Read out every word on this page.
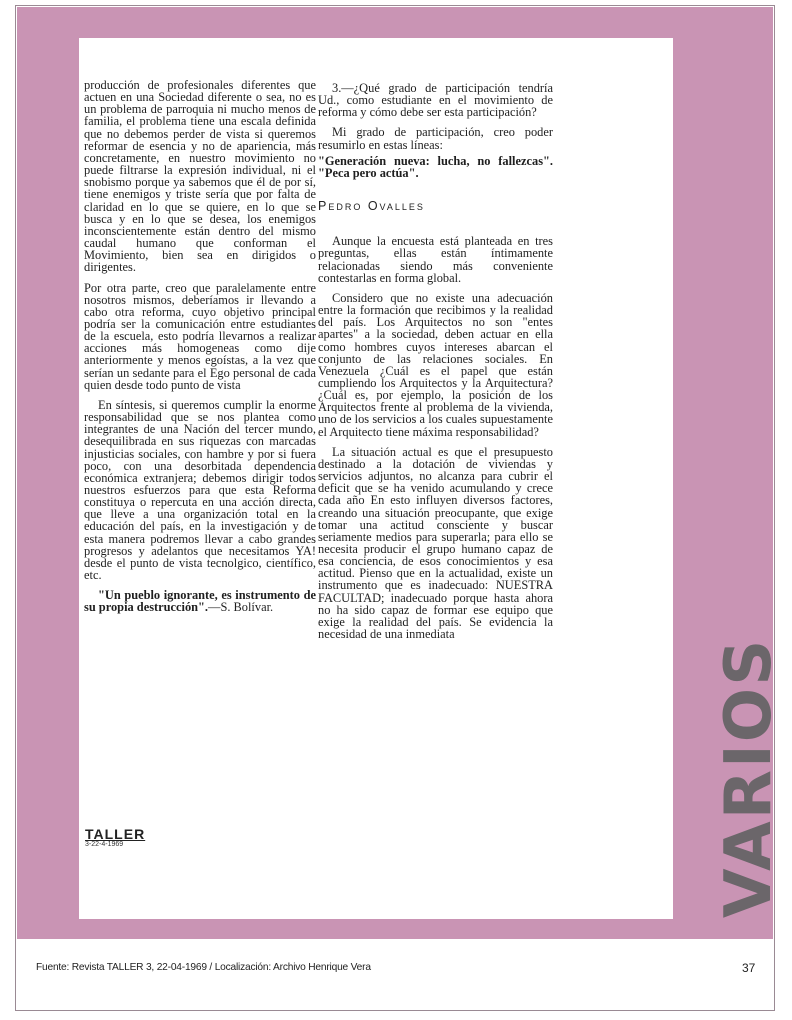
producción de profesionales diferentes que actuen en una Sociedad diferente o sea, no es un problema de parroquia ni mucho menos de familia, el problema tiene una escala definida que no debemos perder de vista si queremos reformar de esencia y no de apariencia, más concretamente, en nuestro movimiento no puede filtrarse la expresión individual, ni el snobismo porque ya sabemos que él de por sí, tiene enemigos y triste sería que por falta de claridad en lo que se quiere, en lo que se busca y en lo que se desea, los enemigos inconscientemente están dentro del mismo caudal humano que conforman el Movimiento, bien sea en dirigidos o dirigentes.

Por otra parte, creo que paralelamente entre nosotros mismos, deberíamos ir llevando a cabo otra reforma, cuyo objetivo principal podría ser la comunicación entre estudiantes de la escuela, esto podría llevarnos a realizar acciones más homogeneas como dije anteriormente y menos egoístas, a la vez que serían un sedante para el Ego personal de cada quien desde todo punto de vista

En síntesis, si queremos cumplir la enorme responsabilidad que se nos plantea como integrantes de una Nación del tercer mundo, desequilibrada en sus riquezas con marcadas injusticias sociales, con hambre y por si fuera poco, con una desorbitada dependencia económica extranjera; debemos dirigir todos nuestros esfuerzos para que esta Reforma constituya o repercuta en una acción directa, que lleve a una organización total en la educación del país, en la investigación y de esta manera podremos llevar a cabo grandes progresos y adelantos que necesitamos YA! desde el punto de vista tecnolgico, científico, etc.

"Un pueblo ignorante, es instrumento de su propia destrucción".—S. Bolívar.

3.—¿Qué grado de participación tendría Ud., como estudiante en el movimiento de reforma y cómo debe ser esta participación?

Mi grado de participación, creo poder resumirlo en estas líneas:

"Generación nueva: lucha, no fallezcas". "Peca pero actúa".

Pedro Ovalles

Aunque la encuesta está planteada en tres preguntas, ellas están íntimamente relacionadas siendo más conveniente contestarlas en forma global.

Considero que no existe una adecuación entre la formación que recibimos y la realidad del país. Los Arquitectos no son "entes apartes" a la sociedad, deben actuar en ella como hombres cuyos intereses abarcan el conjunto de las relaciones sociales. En Venezuela ¿Cuál es el papel que están cumpliendo los Arquitectos y la Arquitectura? ¿Cuál es, por ejemplo, la posición de los Arquitectos frente al problema de la vivienda, uno de los servicios a los cuales supuestamente el Arquitecto tiene máxima responsabilidad?

La situación actual es que el presupuesto destinado a la dotación de viviendas y servicios adjuntos, no alcanza para cubrir el deficit que se ha venido acumulando y crece cada año En esto influyen diversos factores, creando una situación preocupante, que exige tomar una actitud consciente y buscar seriamente medios para superarla; para ello se necesita producir el grupo humano capaz de esa conciencia, de esos conocimientos y esa actitud. Pienso que en la actualidad, existe un instrumento que es inadecuado: NUESTRA FACULTAD; inadecuado porque hasta ahora no ha sido capaz de formar ese equipo que exige la realidad del país. Se evidencia la necesidad de una inmediata

TALLER
3-22-4-1969	VARIOS
Fuente: Revista TALLER 3, 22-04-1969 / Localización: Archivo Henrique Vera	37
